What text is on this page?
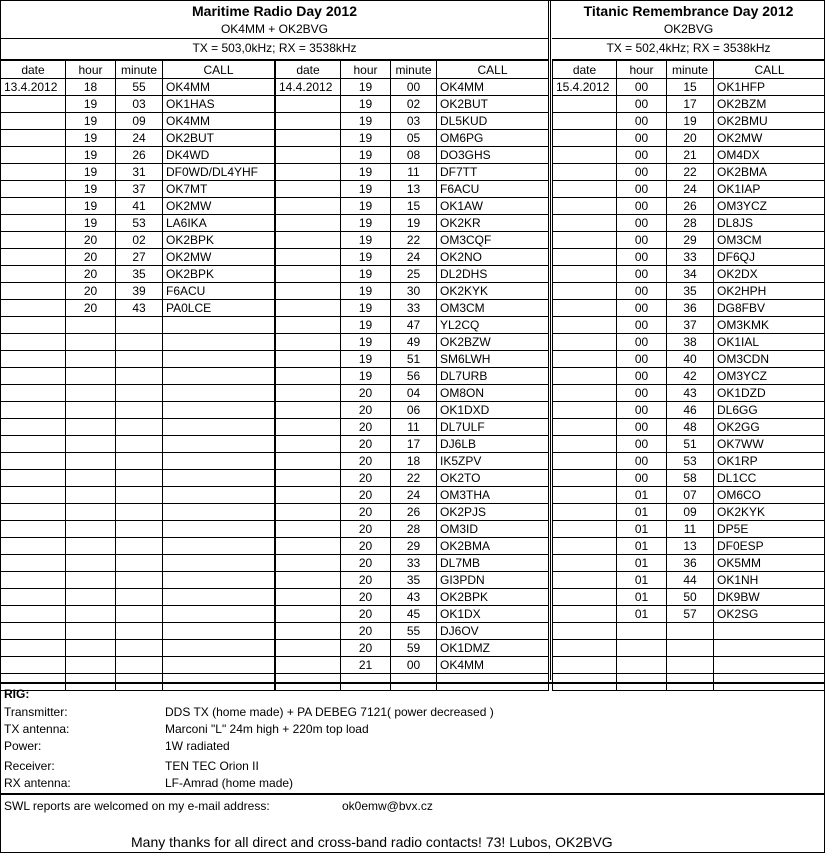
Maritime Radio Day 2012
OK4MM + OK2BVG
TX = 503,0kHz; RX = 3538kHz
Titanic Remembrance Day 2012
OK2BVG
TX = 502,4kHz; RX = 3538kHz
date	hour	minute	CALL
13.4.2012	18	55	OK4MM
	19	03	OK1HAS
	19	09	OK4MM
	19	24	OK2BUT
	19	26	DK4WD
	19	31	DF0WD/DL4YHF
	19	37	OK7MT
	19	41	OK2MW
	19	53	LA6IKA
	20	02	OK2BPK
	20	27	OK2MW
	20	35	OK2BPK
	20	39	F6ACU
	20	43	PA0LCE

date	hour	minute	CALL
14.4.2012	19	00	OK4MM
	19	02	OK2BUT
	19	03	DL5KUD
	19	05	OM6PG
	19	08	DO3GHS
	19	11	DF7TT
	19	13	F6ACU
	19	15	OK1AW
	19	19	OK2KR
	19	22	OM3CQF
	19	24	OK2NO
	19	25	DL2DHS
	19	30	OK2KYK
	19	33	OM3CM
	19	47	YL2CQ
	19	49	OK2BZW
	19	51	SM6LWH
	19	56	DL7URB
	20	04	OM8ON
	20	06	OK1DXD
	20	11	DL7ULF
	20	17	DJ6LB
	20	18	IK5ZPV
	20	22	OK2TO
	20	24	OM3THA
	20	26	OK2PJS
	20	28	OM3ID
	20	29	OK2BMA
	20	33	DL7MB
	20	35	GI3PDN
	20	43	OK2BPK
	20	45	OK1DX
	20	55	DJ6OV
	20	59	OK1DMZ
	21	00	OK4MM

date	hour	minute	CALL
15.4.2012	00	15	OK1HFP
	00	17	OK2BZM
	00	19	OK2BMU
	00	20	OK2MW
	00	21	OM4DX
	00	22	OK2BMA
	00	24	OK1IAP
	00	26	OM3YCZ
	00	28	DL8JS
	00	29	OM3CM
	00	33	DF6QJ
	00	34	OK2DX
	00	35	OK2HPH
	00	36	DG8FBV
	00	37	OM3KMK
	00	38	OK1IAL
	00	40	OM3CDN
	00	42	OM3YCZ
	00	43	OK1DZD
	00	46	DL6GG
	00	48	OK2GG
	00	51	OK7WW
	00	53	OK1RP
	00	58	DL1CC
	01	07	OM6CO
	01	09	OK2KYK
	01	11	DP5E
	01	13	DF0ESP
	01	36	OK5MM
	01	44	OK1NH
	01	50	DK9BW
	01	57	OK2SG

RIG:
Transmitter:	DDS TX (home made) + PA DEBEG 7121( power decreased )
TX antenna:	Marconi "L" 24m high + 220m top load
Power:	1W radiated
Receiver:	TEN TEC Orion II
RX antenna:	LF-Amrad (home made)
SWL reports are welcomed on my e-mail address:	ok0emw@bvx.cz
Many thanks for all direct and cross-band radio contacts! 73! Lubos, OK2BVG
